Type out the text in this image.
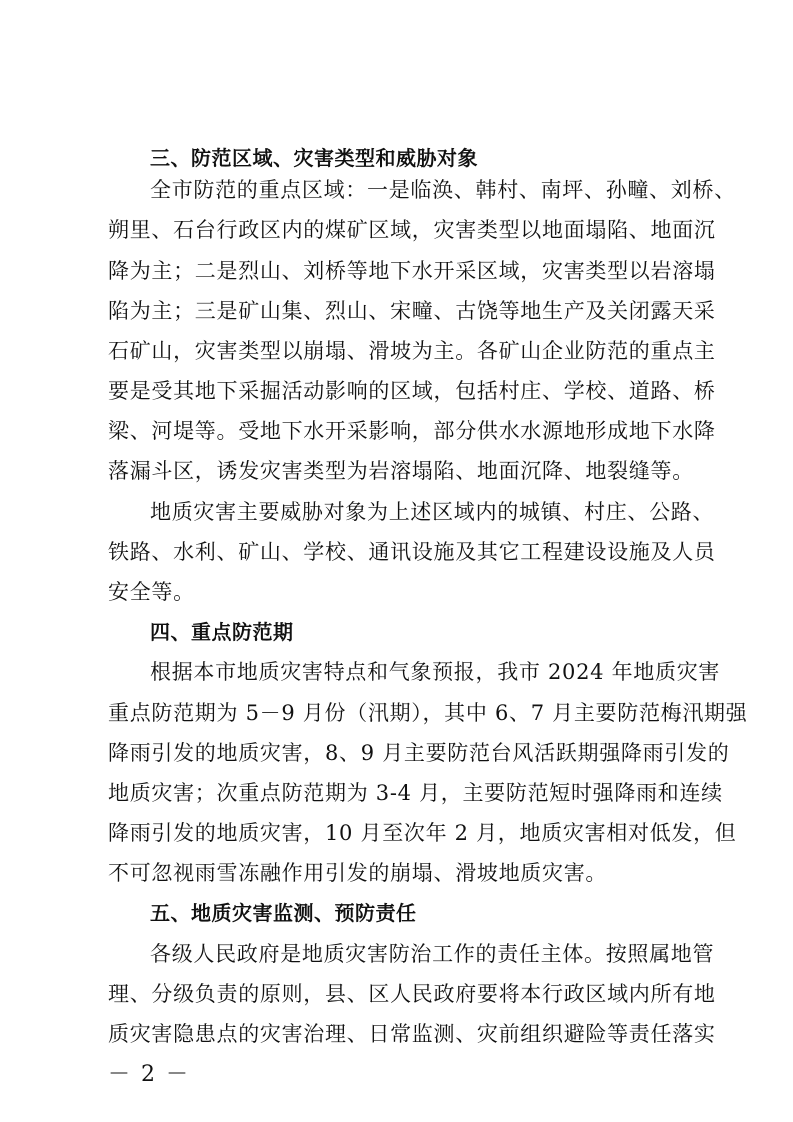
三、防范区域、灾害类型和威胁对象
全市防范的重点区域：一是临涣、韩村、南坪、孙疃、刘桥、
朔里、石台行政区内的煤矿区域，灾害类型以地面塌陷、地面沉
降为主；二是烈山、刘桥等地下水开采区域，灾害类型以岩溶塌
陷为主；三是矿山集、烈山、宋疃、古饶等地生产及关闭露天采
石矿山，灾害类型以崩塌、滑坡为主。各矿山企业防范的重点主
要是受其地下采掘活动影响的区域，包括村庄、学校、道路、桥
梁、河堤等。受地下水开采影响，部分供水水源地形成地下水降
落漏斗区，诱发灾害类型为岩溶塌陷、地面沉降、地裂缝等。
地质灾害主要威胁对象为上述区域内的城镇、村庄、公路、
铁路、水利、矿山、学校、通讯设施及其它工程建设设施及人员
安全等。
四、重点防范期
根据本市地质灾害特点和气象预报，我市 2024 年地质灾害
重点防范期为 5－9 月份（汛期），其中 6、7 月主要防范梅汛期强
降雨引发的地质灾害，8、9 月主要防范台风活跃期强降雨引发的
地质灾害；次重点防范期为 3-4 月，主要防范短时强降雨和连续
降雨引发的地质灾害，10 月至次年 2 月，地质灾害相对低发，但
不可忽视雨雪冻融作用引发的崩塌、滑坡地质灾害。
五、地质灾害监测、预防责任
各级人民政府是地质灾害防治工作的责任主体。按照属地管
理、分级负责的原则，县、区人民政府要将本行政区域内所有地
质灾害隐患点的灾害治理、日常监测、灾前组织避险等责任落实
－ 2 －
